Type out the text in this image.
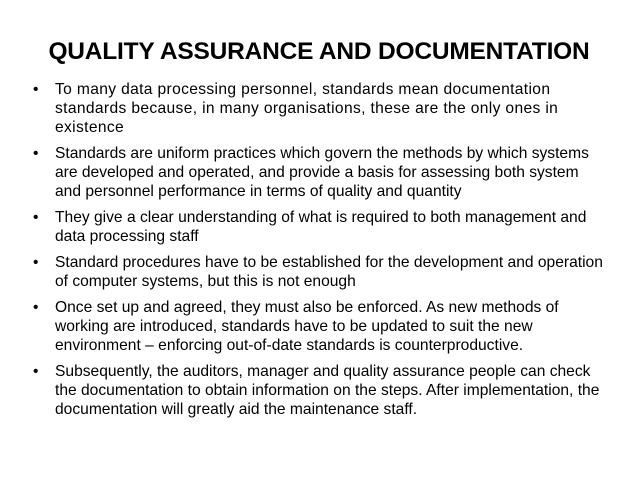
QUALITY ASSURANCE AND DOCUMENTATION
•	To many data processing personnel, standards mean documentation standards because, in many organisations, these are the only ones in existence
•	Standards are uniform practices which govern the methods by which systems are developed and operated, and provide a basis for assessing both system and personnel performance in terms of quality and quantity
•	They give a clear understanding of what is required to both management and data processing staff
•	Standard procedures have to be established for the development and operation of computer systems, but this is not enough
•	Once set up and agreed, they must also be enforced. As new methods of working are introduced, standards have to be updated to suit the new environment – enforcing out-of-date standards is counterproductive.
•	Subsequently, the auditors, manager and quality assurance people can check the documentation to obtain information on the steps. After implementation, the documentation will greatly aid the maintenance staff.
